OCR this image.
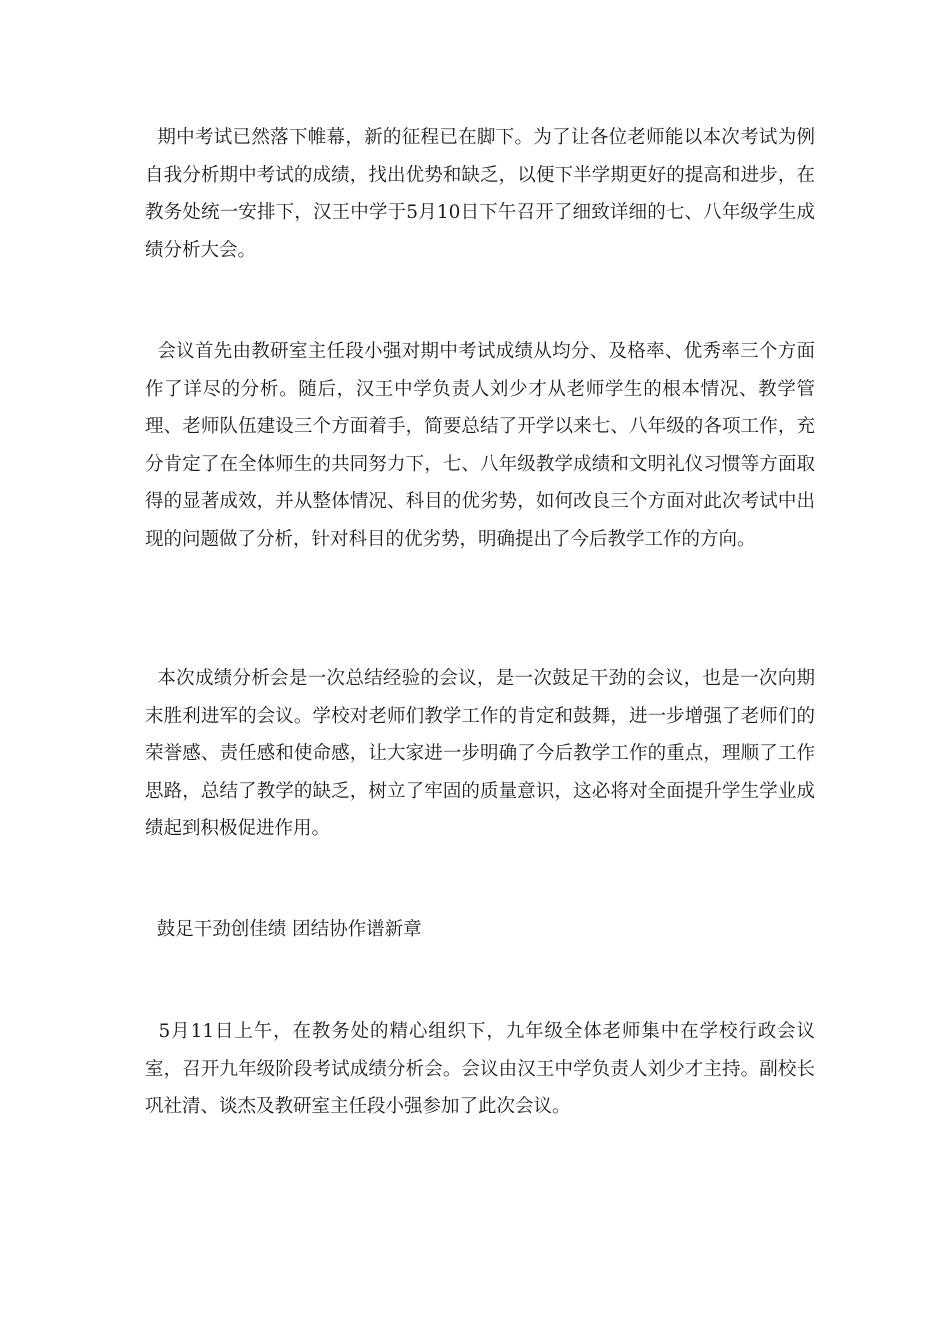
期中考试已然落下帷幕，新的征程已在脚下。为了让各位老师能以本次考试为例自我分析期中考试的成绩，找出优势和缺乏，以便下半学期更好的提高和进步，在教务处统一安排下，汉王中学于5月10日下午召开了细致详细的七、八年级学生成绩分析大会。

会议首先由教研室主任段小强对期中考试成绩从均分、及格率、优秀率三个方面作了详尽的分析。随后，汉王中学负责人刘少才从老师学生的根本情况、教学管理、老师队伍建设三个方面着手，简要总结了开学以来七、八年级的各项工作，充分肯定了在全体师生的共同努力下，七、八年级教学成绩和文明礼仪习惯等方面取得的显著成效，并从整体情况、科目的优劣势，如何改良三个方面对此次考试中出现的问题做了分析，针对科目的优劣势，明确提出了今后教学工作的方向。

本次成绩分析会是一次总结经验的会议，是一次鼓足干劲的会议，也是一次向期末胜利进军的会议。学校对老师们教学工作的肯定和鼓舞，进一步增强了老师们的荣誉感、责任感和使命感，让大家进一步明确了今后教学工作的重点，理顺了工作思路，总结了教学的缺乏，树立了牢固的质量意识，这必将对全面提升学生学业成绩起到积极促进作用。

鼓足干劲创佳绩 团结协作谱新章

5月11日上午，在教务处的精心组织下，九年级全体老师集中在学校行政会议室，召开九年级阶段考试成绩分析会。会议由汉王中学负责人刘少才主持。副校长巩社清、谈杰及教研室主任段小强参加了此次会议。
